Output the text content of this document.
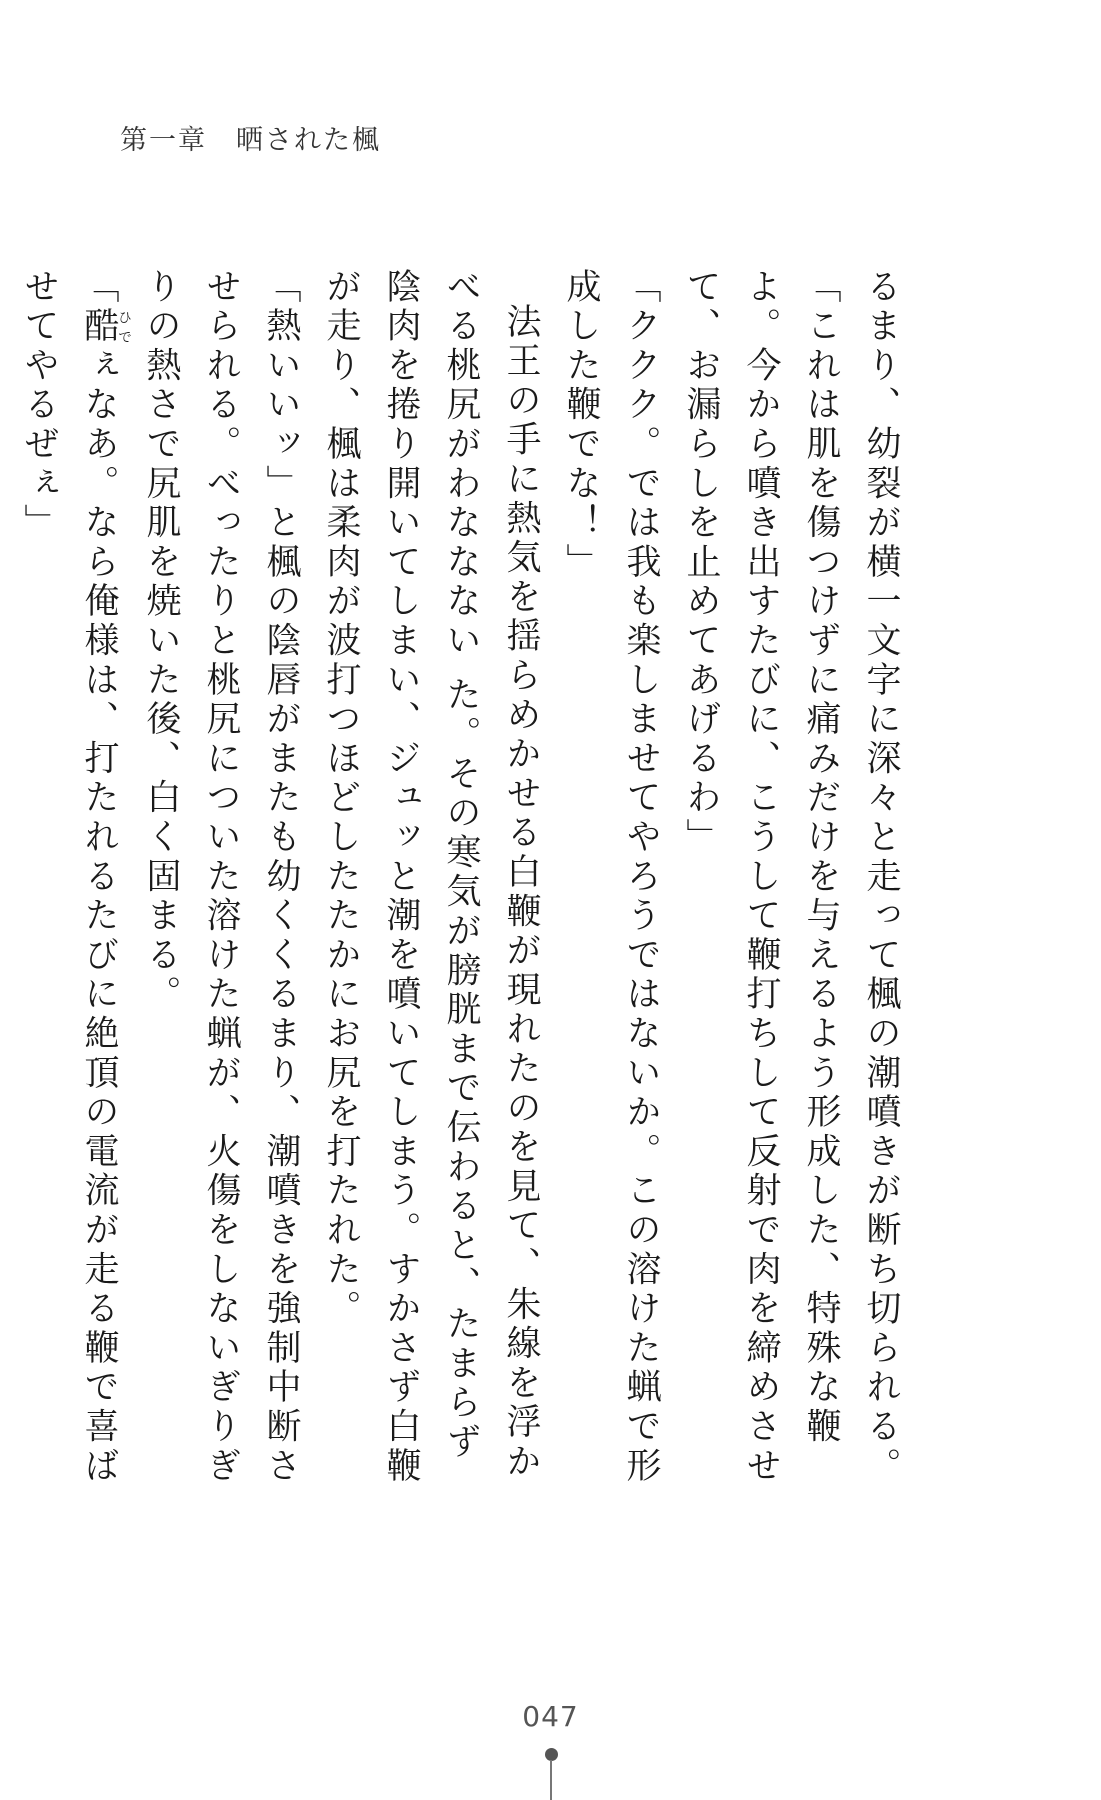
第一章　晒された楓

るまり、幼裂が横一文字に深々と走って楓の潮噴きが断ち切られる。

「これは肌を傷つけずに痛みだけを与えるよう形成した、特殊な鞭よ。今から噴き出すたびに、こうして鞭打ちして反射で肉を締めさせて、お漏らしを止めてあげるわ」

「ククク。では我も楽しませてやろうではないか。この溶けた蝋で形成した鞭でな！」

法王の手に熱気を揺らめかせる白鞭が現れたのを見て、朱線を浮かべる桃尻がわななない た。その寒気が膀胱まで伝わると、たまらず陰肉を捲り開いてしまい、ジュッと潮を噴いてしまう。すかさず白鞭が走り、楓は柔肉が波打つほどしたたかにお尻を打たれた。

「熱いいッ」と楓の陰唇がまたも幼くくるまり、潮噴きを強制中断させられる。べったりと桃尻についた溶けた蝋が、火傷をしないぎりぎりの熱さで尻肌を焼いた後、白く固まる。

「酷ひでぇなあ。なら俺様は、打たれるたびに絶頂の電流が走る鞭で喜ばせてやるぜぇ」

047
